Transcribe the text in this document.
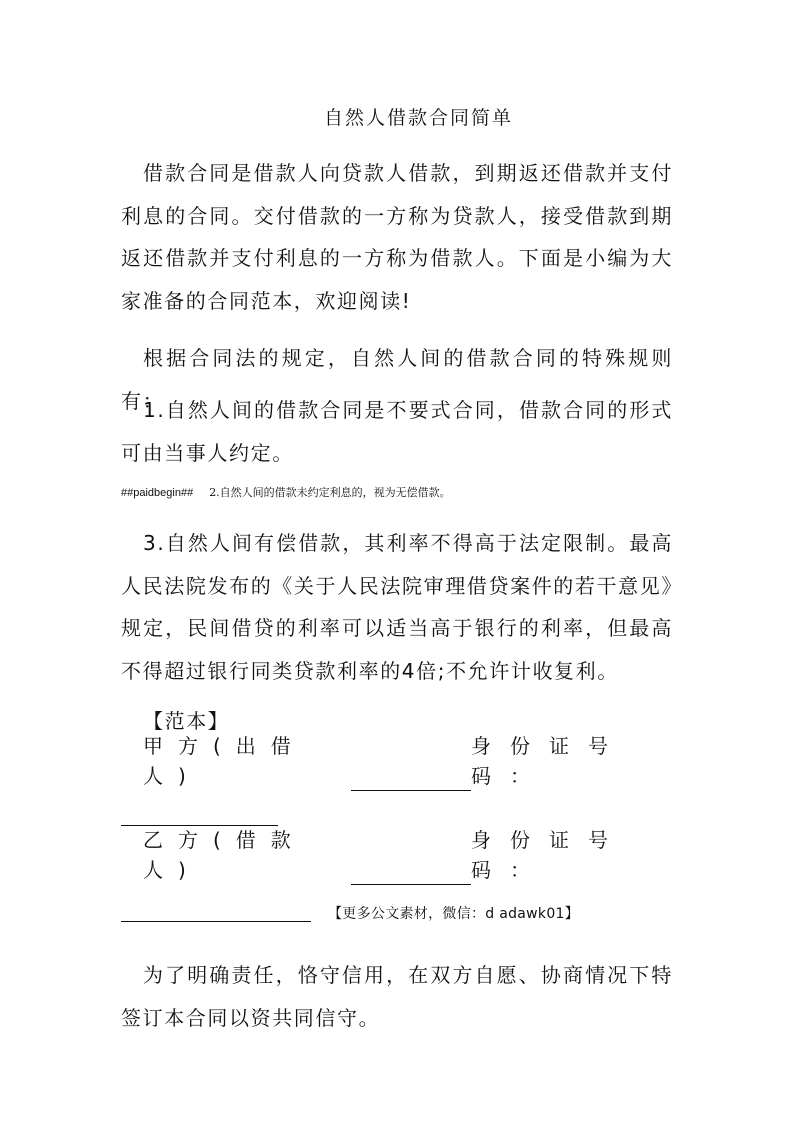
自然人借款合同简单

借款合同是借款人向贷款人借款，到期返还借款并支付利息的合同。交付借款的一方称为贷款人，接受借款到期返还借款并支付利息的一方称为借款人。下面是小编为大家准备的合同范本，欢迎阅读!

根据合同法的规定，自然人间的借款合同的特殊规则有：

1.自然人间的借款合同是不要式合同，借款合同的形式可由当事人约定。

##paidbegin## 2.自然人间的借款未约定利息的，视为无偿借款。

3.自然人间有偿借款，其利率不得高于法定限制。最高人民法院发布的《关于人民法院审理借贷案件的若干意见》规定，民间借贷的利率可以适当高于银行的利率，但最高不得超过银行同类贷款利率的4倍;不允许计收复利。

【范本】

甲方(出借人)
身份证号码：
乙方(借款人)
身份证号码：
【更多公文素材，微信：d adawk01】

为了明确责任，恪守信用，在双方自愿、协商情况下特签订本合同以资共同信守。
